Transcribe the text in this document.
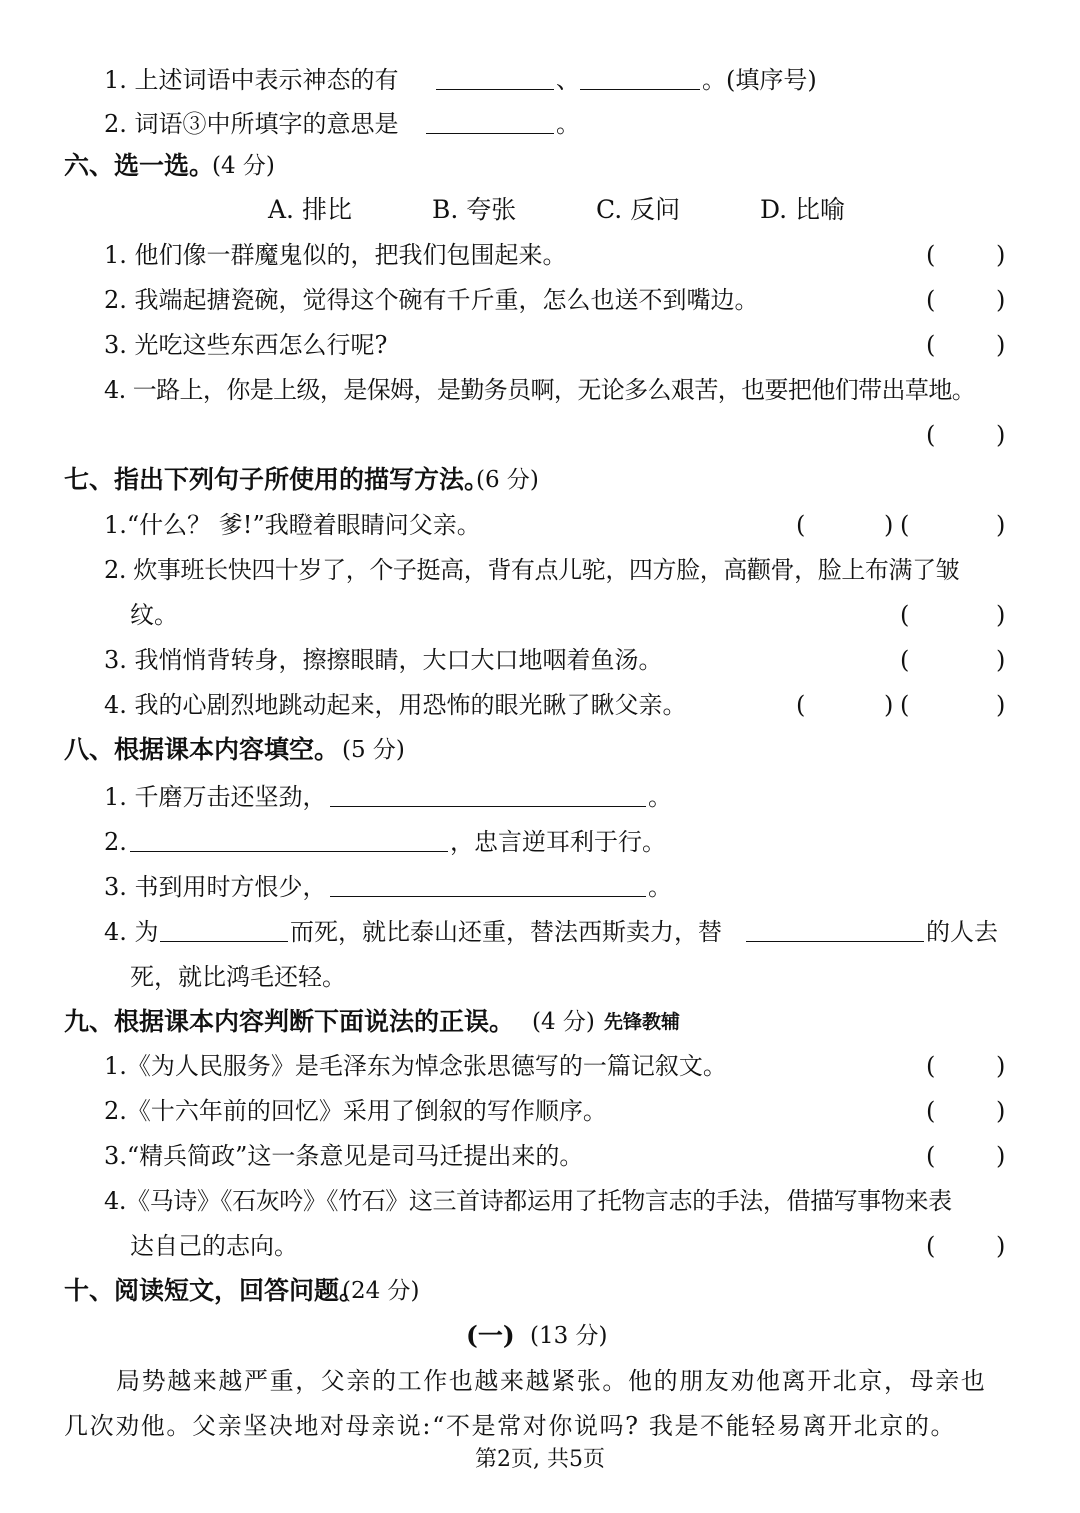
1. 上述词语中表示神态的有	、	。(填序号)
2. 词语③中所填字的意思是	。
六、选一选。
(4 分)
A. 排比	B. 夸张	C. 反问	D. 比喻
1. 他们像一群魔鬼似的，把我们包围起来。	(	)
2. 我端起搪瓷碗，觉得这个碗有千斤重，怎么也送不到嘴边。	(	)
3. 光吃这些东西怎么行呢?	(	)
4. 一路上，你是上级，是保姆，是勤务员啊，无论多么艰苦，也要把他们带出草地。
(	)
七、指出下列句子所使用的描写方法。
(6 分)
1.“什么？ 爹!”我瞪着眼睛问父亲。	(	) (	)
2. 炊事班长快四十岁了，个子挺高，背有点儿驼，四方脸，高颧骨，脸上布满了皱
纹。	(	)
3. 我悄悄背转身，擦擦眼睛，大口大口地咽着鱼汤。	(	)
4. 我的心剧烈地跳动起来，用恐怖的眼光瞅了瞅父亲。	(	) (	)
八、根据课本内容填空。 (5 分)
1. 千磨万击还坚劲，	。
2.	，忠言逆耳利于行。
3. 书到用时方恨少，	。
4. 为	而死，就比泰山还重，替法西斯卖力，替	的人去
死，就比鸿毛还轻。
九、根据课本内容判断下面说法的正误。 (4 分) 先锋教辅
1.《为人民服务》是毛泽东为悼念张思德写的一篇记叙文。	(	)
2.《十六年前的回忆》采用了倒叙的写作顺序。	(	)
3.“精兵简政”这一条意见是司马迁提出来的。	(	)
4.《马诗》《石灰吟》《竹石》这三首诗都运用了托物言志的手法，借描写事物来表
达自己的志向。	(	)
十、阅读短文，回答问题。
(24 分)
(一) (13 分)
局势越来越严重，父亲的工作也越来越紧张。他的朋友劝他离开北京，母亲也
几次劝他。父亲坚决地对母亲说:“不是常对你说吗? 我是不能轻易离开北京的。
第2页, 共5页
